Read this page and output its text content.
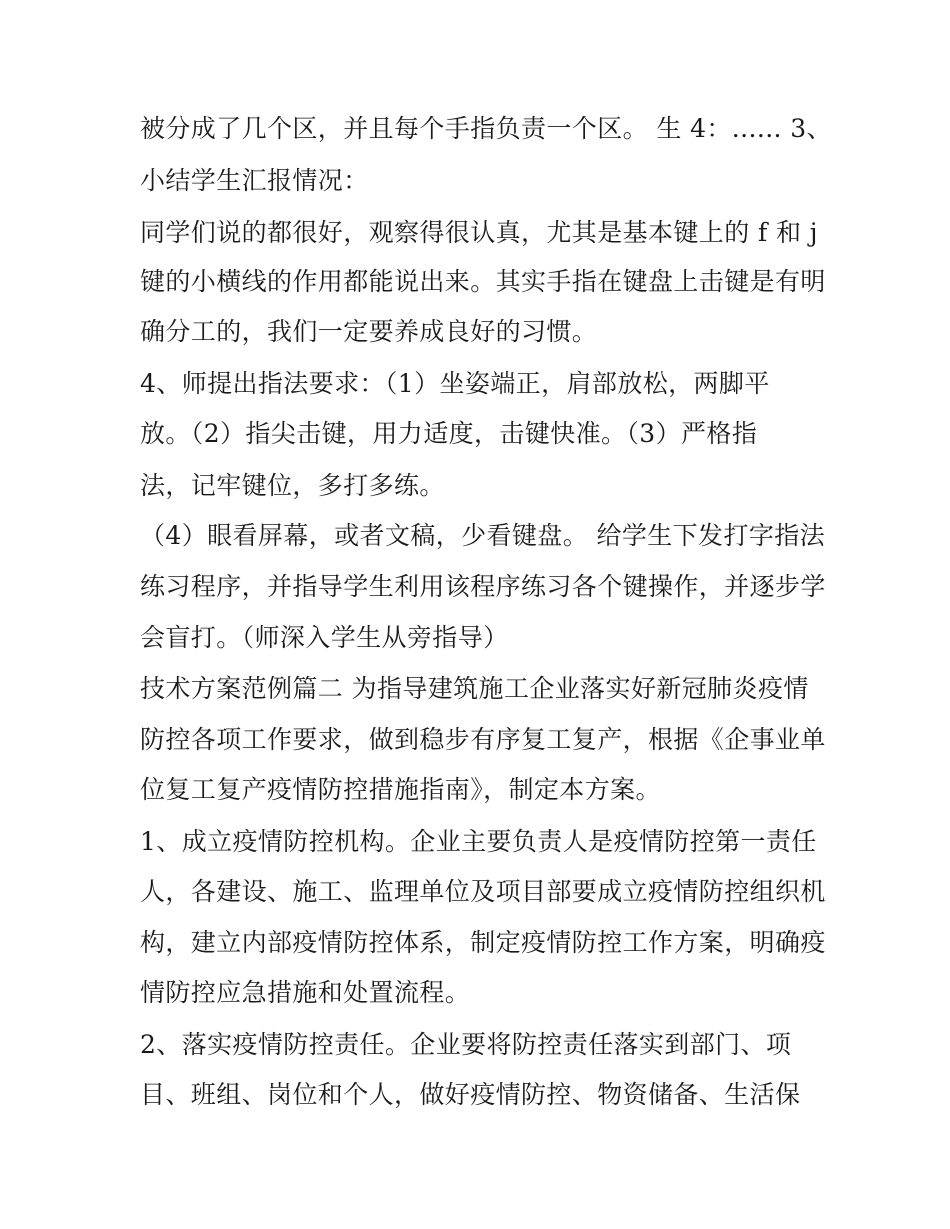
被分成了几个区，并且每个手指负责一个区。 生 4：...... 3、

小结学生汇报情况：

同学们说的都很好，观察得很认真，尤其是基本键上的 f 和 j

键的小横线的作用都能说出来。其实手指在键盘上击键是有明

确分工的，我们一定要养成良好的习惯。

4、师提出指法要求：（1）坐姿端正，肩部放松，两脚平

放。（2）指尖击键，用力适度，击键快准。（3）严格指

法，记牢键位，多打多练。

（4）眼看屏幕，或者文稿，少看键盘。 给学生下发打字指法

练习程序，并指导学生利用该程序练习各个键操作，并逐步学

会盲打。（师深入学生从旁指导）

技术方案范例篇二 为指导建筑施工企业落实好新冠肺炎疫情

防控各项工作要求，做到稳步有序复工复产，根据《企事业单

位复工复产疫情防控措施指南》，制定本方案。

1、成立疫情防控机构。企业主要负责人是疫情防控第一责任

人，各建设、施工、监理单位及项目部要成立疫情防控组织机

构，建立内部疫情防控体系，制定疫情防控工作方案，明确疫

情防控应急措施和处置流程。

2、落实疫情防控责任。企业要将防控责任落实到部门、项

目、班组、岗位和个人，做好疫情防控、物资储备、生活保
